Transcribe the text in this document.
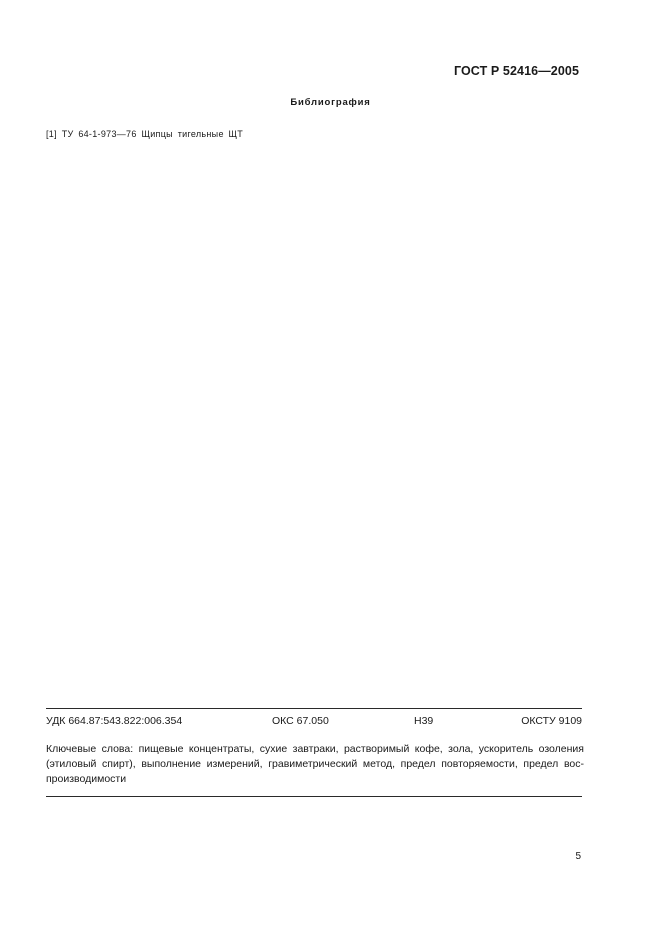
ГОСТ Р 52416—2005
Библиография
[1] ТУ 64-1-973—76 Щипцы тигельные ЩТ
УДК 664.87:543.822:006.354	ОКС 67.050	Н39	ОКСТУ 9109
Ключевые слова: пищевые концентраты, сухие завтраки, растворимый кофе, зола, ускоритель озоления (этиловый спирт), выполнение измерений, гравиметрический метод, предел повторяемости, предел вос-производимости
5
